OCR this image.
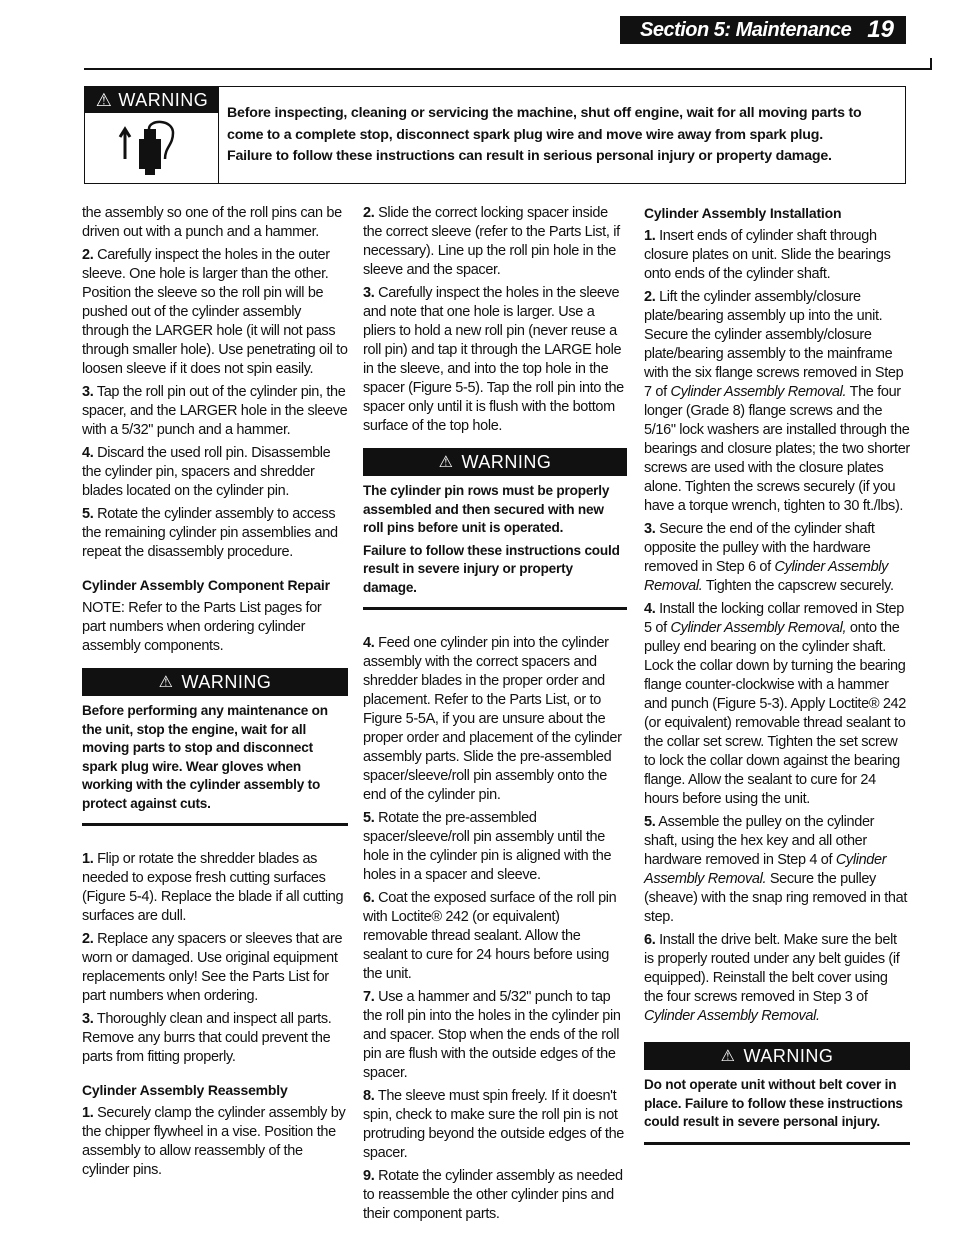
Section 5: Maintenance 19
⚠ WARNING

Before inspecting, cleaning or servicing the machine, shut off engine, wait for all moving parts to come to a complete stop, disconnect spark plug wire and move wire away from spark plug.

Failure to follow these instructions can result in serious personal injury or property damage.

the assembly so one of the roll pins can be driven out with a punch and a hammer.

2. Carefully inspect the holes in the outer sleeve. One hole is larger than the other. Position the sleeve so the roll pin will be pushed out of the cylinder assembly through the LARGER hole (it will not pass through smaller hole). Use penetrating oil to loosen sleeve if it does not spin easily.

3. Tap the roll pin out of the cylinder pin, the spacer, and the LARGER hole in the sleeve with a 5/32" punch and a hammer.

4. Discard the used roll pin. Disassemble the cylinder pin, spacers and shredder blades located on the cylinder pin.

5. Rotate the cylinder assembly to access the remaining cylinder pin assemblies and repeat the disassembly procedure.

Cylinder Assembly Component Repair

NOTE: Refer to the Parts List pages for part numbers when ordering cylinder assembly components.

⚠ WARNING

Before performing any maintenance on the unit, stop the engine, wait for all moving parts to stop and disconnect spark plug wire. Wear gloves when working with the cylinder assembly to protect against cuts.

1. Flip or rotate the shredder blades as needed to expose fresh cutting surfaces (Figure 5-4). Replace the blade if all cutting surfaces are dull.

2. Replace any spacers or sleeves that are worn or damaged. Use original equipment replacements only! See the Parts List for part numbers when ordering.

3. Thoroughly clean and inspect all parts. Remove any burrs that could prevent the parts from fitting properly.

Cylinder Assembly Reassembly

1. Securely clamp the cylinder assembly by the chipper flywheel in a vise. Position the assembly to allow reassembly of the cylinder pins.

2. Slide the correct locking spacer inside the correct sleeve (refer to the Parts List, if necessary). Line up the roll pin hole in the sleeve and the spacer.

3. Carefully inspect the holes in the sleeve and note that one hole is larger. Use a pliers to hold a new roll pin (never reuse a roll pin) and tap it through the LARGE hole in the sleeve, and into the top hole in the spacer (Figure 5-5). Tap the roll pin into the spacer only until it is flush with the bottom surface of the top hole.

⚠ WARNING

The cylinder pin rows must be properly assembled and then secured with new roll pins before unit is operated.

Failure to follow these instructions could result in severe injury or property damage.

4. Feed one cylinder pin into the cylinder assembly with the correct spacers and shredder blades in the proper order and placement. Refer to the Parts List, or to Figure 5-5A, if you are unsure about the proper order and placement of the cylinder assembly parts. Slide the pre-assembled spacer/sleeve/roll pin assembly onto the end of the cylinder pin.

5. Rotate the pre-assembled spacer/sleeve/roll pin assembly until the hole in the cylinder pin is aligned with the holes in a spacer and sleeve.

6. Coat the exposed surface of the roll pin with Loctite® 242 (or equivalent) removable thread sealant. Allow the sealant to cure for 24 hours before using the unit.

7. Use a hammer and 5/32" punch to tap the roll pin into the holes in the cylinder pin and spacer. Stop when the ends of the roll pin are flush with the outside edges of the spacer.

8. The sleeve must spin freely. If it doesn't spin, check to make sure the roll pin is not protruding beyond the outside edges of the spacer.

9. Rotate the cylinder assembly as needed to reassemble the other cylinder pins and their component parts.

Cylinder Assembly Installation

1. Insert ends of cylinder shaft through closure plates on unit. Slide the bearings onto ends of the cylinder shaft.

2. Lift the cylinder assembly/closure plate/bearing assembly up into the unit. Secure the cylinder assembly/closure plate/bearing assembly to the mainframe with the six flange screws removed in Step 7 of Cylinder Assembly Removal. The four longer (Grade 8) flange screws and the 5/16" lock washers are installed through the bearings and closure plates; the two shorter screws are used with the closure plates alone. Tighten the screws securely (if you have a torque wrench, tighten to 30 ft./lbs).

3. Secure the end of the cylinder shaft opposite the pulley with the hardware removed in Step 6 of Cylinder Assembly Removal. Tighten the capscrew securely.

4. Install the locking collar removed in Step 5 of Cylinder Assembly Removal, onto the pulley end bearing on the cylinder shaft. Lock the collar down by turning the bearing flange counter-clockwise with a hammer and punch (Figure 5-3). Apply Loctite® 242 (or equivalent) removable thread sealant to the collar set screw. Tighten the set screw to lock the collar down against the bearing flange. Allow the sealant to cure for 24 hours before using the unit.

5. Assemble the pulley on the cylinder shaft, using the hex key and all other hardware removed in Step 4 of Cylinder Assembly Removal. Secure the pulley (sheave) with the snap ring removed in that step.

6. Install the drive belt. Make sure the belt is properly routed under any belt guides (if equipped). Reinstall the belt cover using the four screws removed in Step 3 of Cylinder Assembly Removal.

⚠ WARNING

Do not operate unit without belt cover in place. Failure to follow these instructions could result in severe personal injury.
